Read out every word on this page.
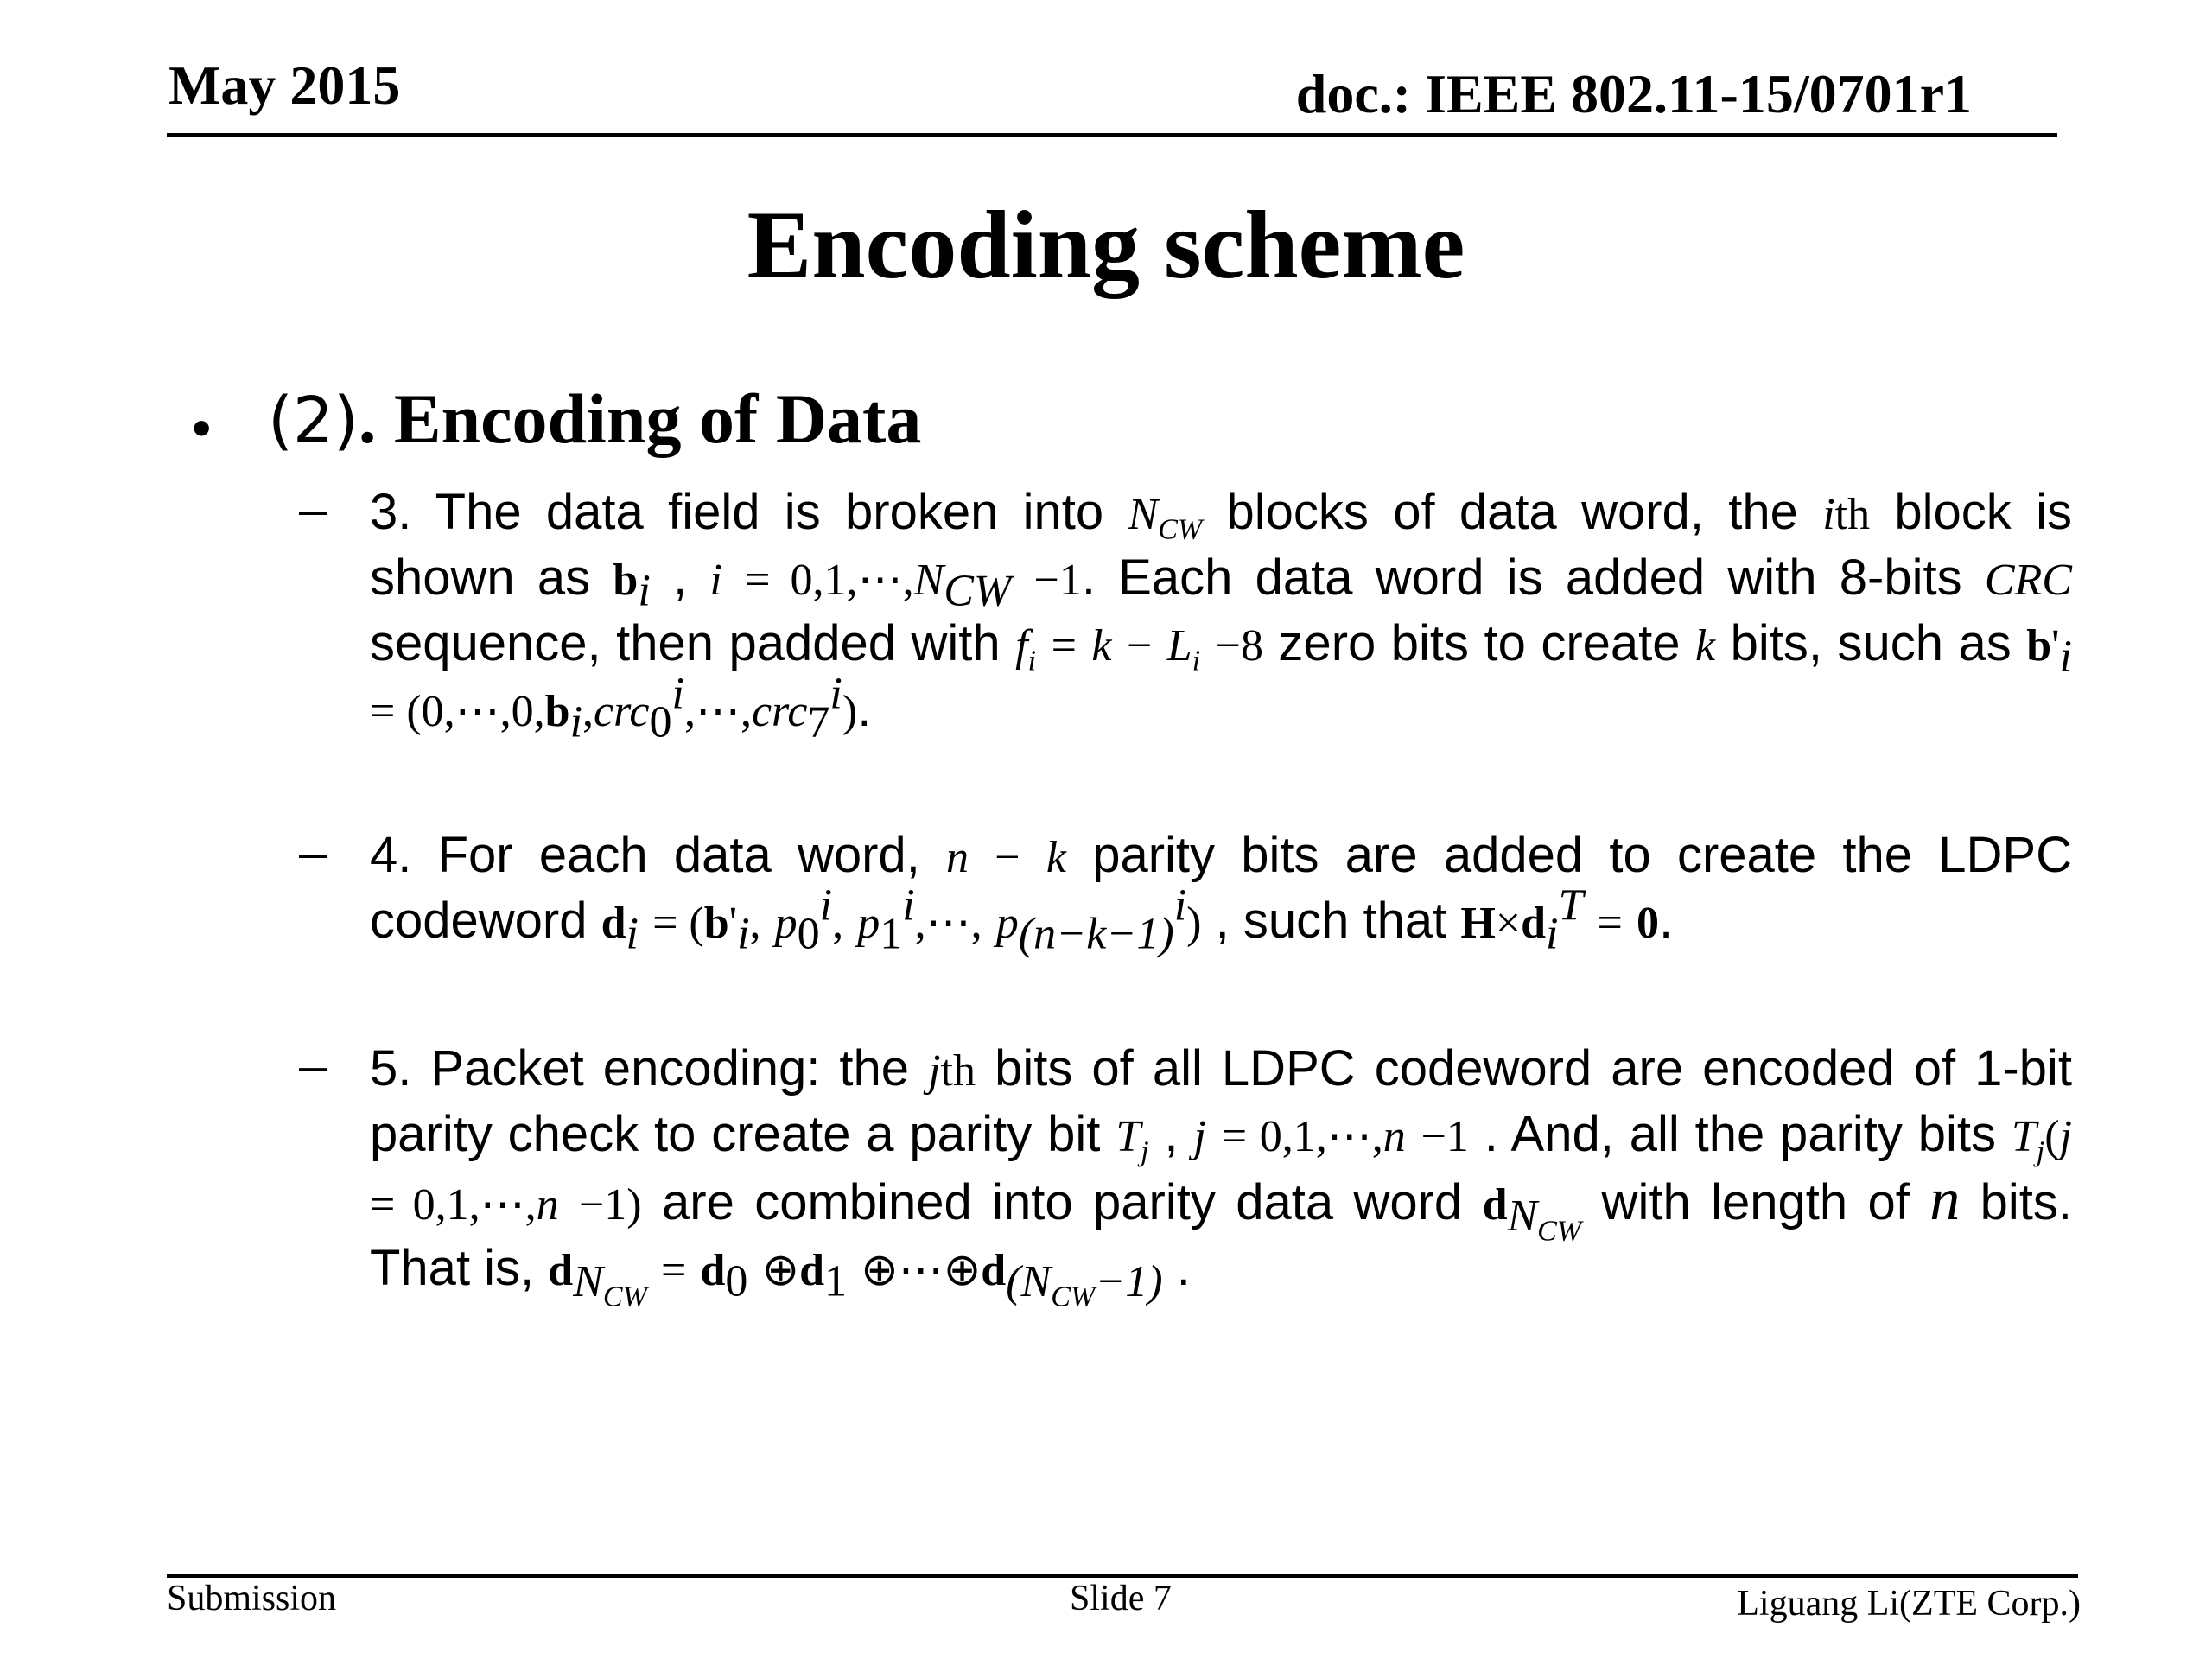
May 2015	doc.: IEEE 802.11-15/0701r1
Encoding scheme
• (2). Encoding of Data
– 3. The data field is broken into $N_{CW}$ blocks of data word, the ith block is shown as $b_i$ , $i = 0,1,\cdots,N_{CW} -1$. Each data word is added with 8-bits CRC sequence, then padded with $f_i = k - L_i -8$ zero bits to create k bits, such as $b'_i$ = $(0,\cdots,0,b_i,crc_0^i,\cdots,crc_7^i)$.
– 4. For each data word, n − k parity bits are added to create the LDPC codeword $d_i = (b'_i$, $p_0^i$, $p_1^i,\cdots$, $p_{(n-k-1)}^i$) , such that $H\times d_i^T = 0$.
– 5. Packet encoding: the jth bits of all LDPC codeword are encoded of 1-bit parity check to create a parity bit $T_j$ , j = 0,1,⋯,n −1 . And, all the parity bits $T_j(j$ = 0,1,⋯,n −1) are combined into parity data word $d_{N_{CW}}$ with length of n bits. That is, $d_{N_{CW}} = d_0$ $\oplus d_1$ $\oplus\cdots\oplus d_{(N_{CW}-1)}$ .
Submission	Slide 7	Liguang Li(ZTE Corp.)
